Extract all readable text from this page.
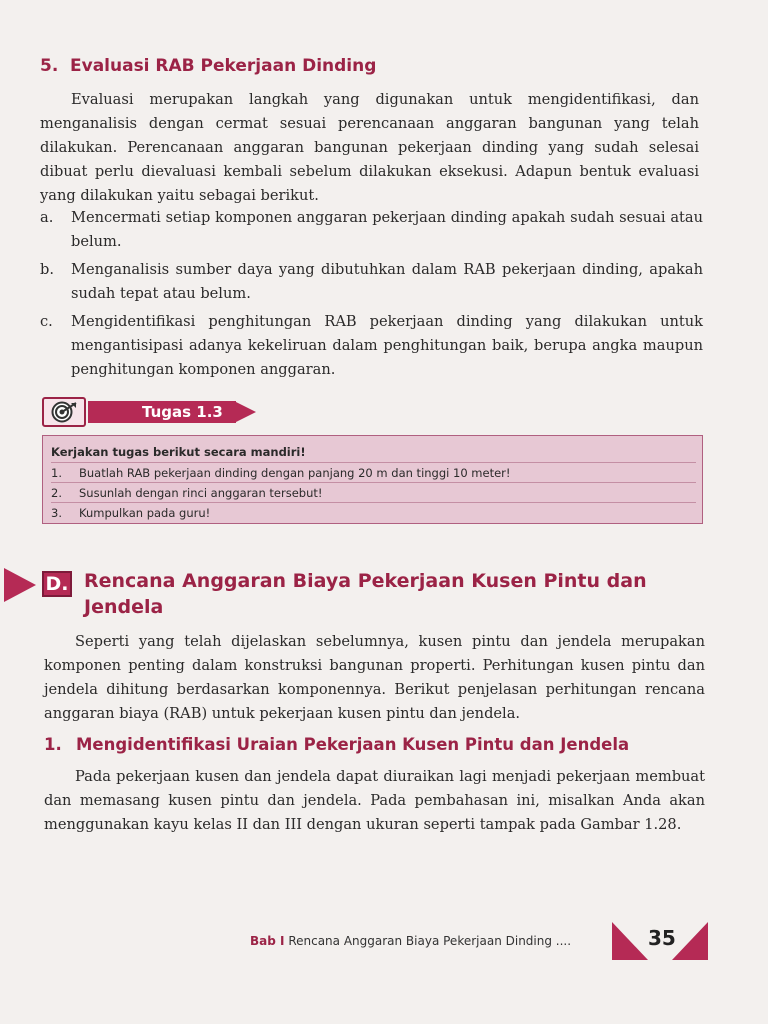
5. Evaluasi RAB Pekerjaan Dinding

Evaluasi merupakan langkah yang digunakan untuk mengidentifikasi, dan menganalisis dengan cermat sesuai perencanaan anggaran bangunan yang telah dilakukan. Perencanaan anggaran bangunan pekerjaan dinding yang sudah selesai dibuat perlu dievaluasi kembali sebelum dilakukan eksekusi. Adapun bentuk evaluasi yang dilakukan yaitu sebagai berikut.

a. Mencermati setiap komponen anggaran pekerjaan dinding apakah sudah sesuai atau belum.
b. Menganalisis sumber daya yang dibutuhkan dalam RAB pekerjaan dinding, apakah sudah tepat atau belum.
c. Mengidentifikasi penghitungan RAB pekerjaan dinding yang dilakukan untuk mengantisipasi adanya kekeliruan dalam penghitungan baik, berupa angka maupun penghitungan komponen anggaran.
Tugas 1.3
Kerjakan tugas berikut secara mandiri!
1. Buatlah RAB pekerjaan dinding dengan panjang 20 m dan tinggi 10 meter!
2. Susunlah dengan rinci anggaran tersebut!
3. Kumpulkan pada guru!
D. Rencana Anggaran Biaya Pekerjaan Kusen Pintu dan Jendela

Seperti yang telah dijelaskan sebelumnya, kusen pintu dan jendela merupakan komponen penting dalam konstruksi bangunan properti. Perhitungan kusen pintu dan jendela dihitung berdasarkan komponennya. Berikut penjelasan perhitungan rencana anggaran biaya (RAB) untuk pekerjaan kusen pintu dan jendela.

1. Mengidentifikasi Uraian Pekerjaan Kusen Pintu dan Jendela

Pada pekerjaan kusen dan jendela dapat diuraikan lagi menjadi pekerjaan membuat dan memasang kusen pintu dan jendela. Pada pembahasan ini, misalkan Anda akan menggunakan kayu kelas II dan III dengan ukuran seperti tampak pada Gambar 1.28.

Bab I Rencana Anggaran Biaya Pekerjaan Dinding ....	35
